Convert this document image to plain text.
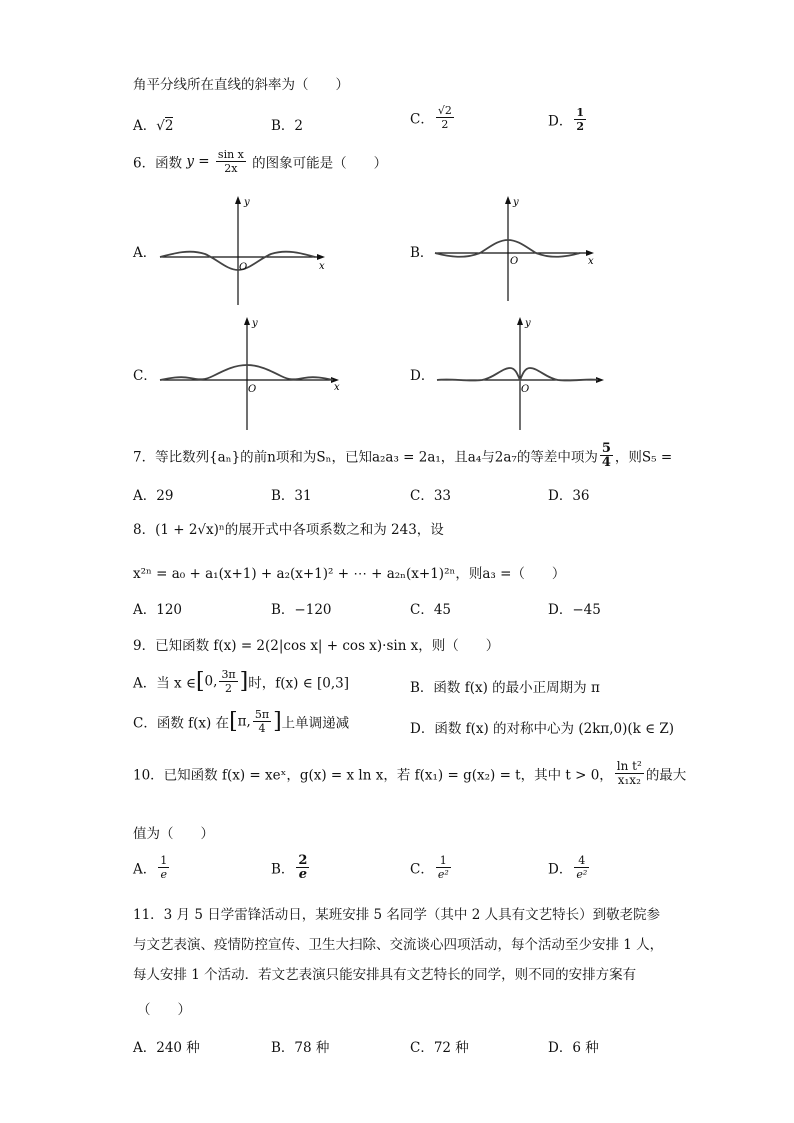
角平分线所在直线的斜率为（　　）
A．√2	B．2	C． $\frac{√2}{2}$	D． $\frac{1}{2}$
6．函数 $y = \frac{\text{sin x}}{2x}$ 的图象可能是（　　）
A．
y
x
O
B．
y
x
O
C．
y
x
O
D．
y
O
7．等比数列{aₙ}的前n项和为Sₙ，已知a₂a₃ = 2a₁，且a₄与2a₇的等差中项为 $\frac{5}{4}$ ，则S₅ =
A．29	B．31	C．33	D．36
8．(1 + 2√x)ⁿ的展开式中各项系数之和为 243，设
x²ⁿ = a₀ + a₁(x+1) + a₂(x+1)² + ⋯ + a₂ₙ(x+1)²ⁿ，则a₃ =（　　）
A．120	B．−120	C．45	D．−45
9．已知函数 f(x) = 2(2|cos x| + cos x)·sin x，则（　　）
A．当 x ∈[0, $\frac{3\pi}{2}$ ]时，f(x) ∈ [0,3]	B．函数 f(x) 的最小正周期为 π
C．函数 f(x) 在[π, $\frac{5\pi}{4}$ ]上单调递减	D．函数 f(x) 的对称中心为 (2kπ,0)(k ∈ Z)
10．已知函数 f(x) = xeˣ，g(x) = x ln x，若 f(x₁) = g(x₂) = t，其中 t > 0， $\frac{\text{ln t²}}{\text{x₁x₂}}$ 的最大
值为（　　）
A． $\frac{1}{e}$	B． $\frac{2}{e}$	C． $\frac{1}{\text{e²}}$	D． $\frac{4}{\text{e²}}$
11．3 月 5 日学雷锋活动日，某班安排 5 名同学（其中 2 人具有文艺特长）到敬老院参
与文艺表演、疫情防控宣传、卫生大扫除、交流谈心四项活动，每个活动至少安排 1 人，
每人安排 1 个活动．若文艺表演只能安排具有文艺特长的同学，则不同的安排方案有
（　　）
A．240 种	B．78 种	C．72 种	D．6 种
